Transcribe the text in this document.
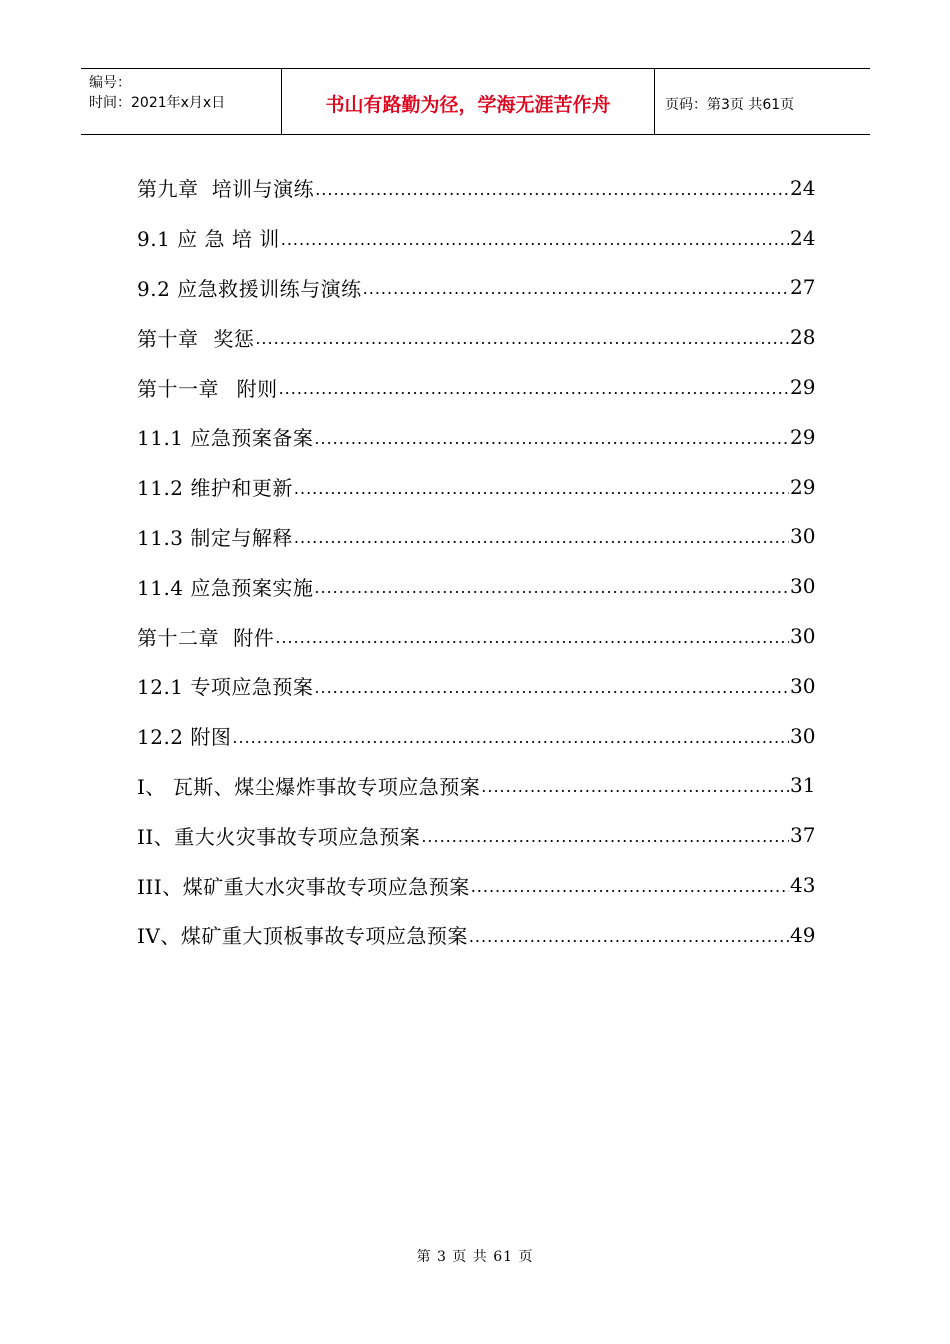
编号：
时间：2021年x月x日	书山有路勤为径，学海无涯苦作舟	页码：第3页 共61页
第九章 培训与演练 .....	24
9.1 应 急 培 训 .....	24
9.2 应急救援训练与演练 .....	27
第十章 奖惩 .....	28
第十一章 附则 .....	29
11.1 应急预案备案 .....	29
11.2 维护和更新 .....	29
11.3 制定与解释 .....	30
11.4 应急预案实施 .....	30
第十二章 附件 .....	30
12.1 专项应急预案 .....	30
12.2 附图 .....	30
I、 瓦斯、煤尘爆炸事故专项应急预案 .....	31
II、重大火灾事故专项应急预案 .....	37
III、煤矿重大水灾事故专项应急预案 .....	43
IV、煤矿重大顶板事故专项应急预案 .....	49
第 3 页 共 61 页
